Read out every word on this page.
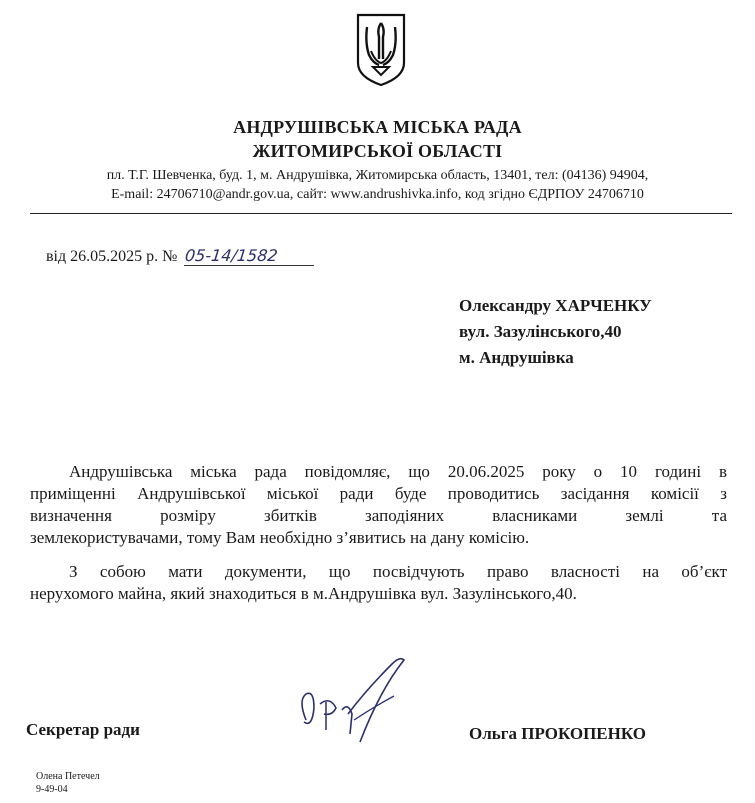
АНДРУШІВСЬКА МІСЬКА РАДА
ЖИТОМИРСЬКОЇ ОБЛАСТІ
пл. Т.Г. Шевченка, буд. 1, м. Андрушівка, Житомирська область, 13401, тел: (04136) 94904,
E-mail: 24706710@andr.gov.ua, сайт: www.andrushivka.info, код згідно ЄДРПОУ 24706710
від 26.05.2025 р. № 05-14/1582
Олександру ХАРЧЕНКУ
вул. Зазулінського,40
м. Андрушівка
Андрушівська міська рада повідомляє, що 20.06.2025 року о 10 годині в
приміщенні Андрушівської міської ради буде проводитись засідання комісії з
визначення розміру збитків заподіяних власниками землі та
землекористувачами, тому Вам необхідно з’явитись на дану комісію.
З собою мати документи, що посвідчують право власності на об’єкт
нерухомого майна, який знаходиться в м.Андрушівка вул. Зазулінського,40.
Секретар ради	Ольга ПРОКОПЕНКО
Олена Петечел
9-49-04
